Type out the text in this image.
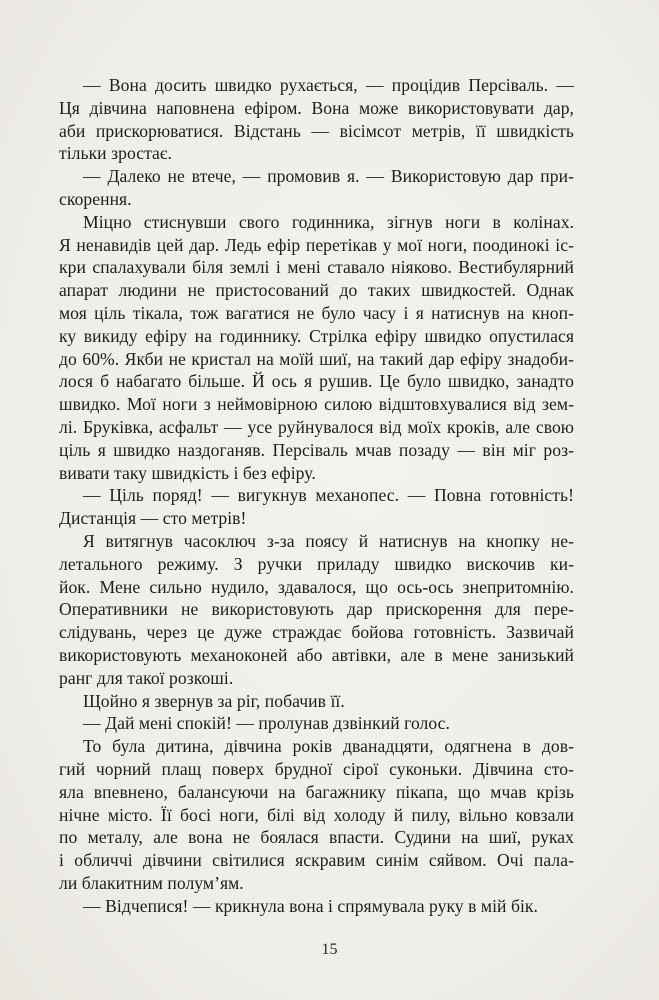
— Вона досить швидко рухається, — процідив Персіваль. —
Ця дівчина наповнена ефіром. Вона може використовувати дар,
аби прискорюватися. Відстань — вісімсот метрів, її швидкість
тільки зростає.
— Далеко не втече, — промовив я. — Використовую дар при-
скорення.
Міцно стиснувши свого годинника, зігнув ноги в колінах.
Я ненавидів цей дар. Ледь ефір перетікав у мої ноги, поодинокі іс-
кри спалахували біля землі і мені ставало ніяково. Вестибулярний
апарат людини не пристосований до таких швидкостей. Однак
моя ціль тікала, тож вагатися не було часу і я натиснув на кноп-
ку викиду ефіру на годиннику. Стрілка ефіру швидко опустилася
до 60%. Якби не кристал на моїй шиї, на такий дар ефіру знадоби-
лося б набагато більше. Й ось я рушив. Це було швидко, занадто
швидко. Мої ноги з неймовірною силою відштовхувалися від зем-
лі. Бруківка, асфальт — усе руйнувалося від моїх кроків, але свою
ціль я швидко наздоганяв. Персіваль мчав позаду — він міг роз-
вивати таку швидкість і без ефіру.
— Ціль поряд! — вигукнув механопес. — Повна готовність!
Дистанція — сто метрів!
Я витягнув часоключ з-за поясу й натиснув на кнопку не-
летального режиму. З ручки приладу швидко вискочив ки-
йок. Мене сильно нудило, здавалося, що ось-ось знепритомнію.
Оперативники не використовують дар прискорення для пере-
слідувань, через це дуже страждає бойова готовність. Зазвичай
використовують механоконей або автівки, але в мене занизький
ранг для такої розкоші.
Щойно я звернув за ріг, побачив її.
— Дай мені спокій! — пролунав дзвінкий голос.
То була дитина, дівчина років дванадцяти, одягнена в дов-
гий чорний плащ поверх брудної сірої суконьки. Дівчина сто-
яла впевнено, балансуючи на багажнику пікапа, що мчав крізь
нічне місто. Її босі ноги, білі від холоду й пилу, вільно ковзали
по металу, але вона не боялася впасти. Судини на шиї, руках
і обличчі дівчини світилися яскравим синім сяйвом. Очі пала-
ли блакитним полум’ям.
— Відчепися! — крикнула вона і спрямувала руку в мій бік.
15
